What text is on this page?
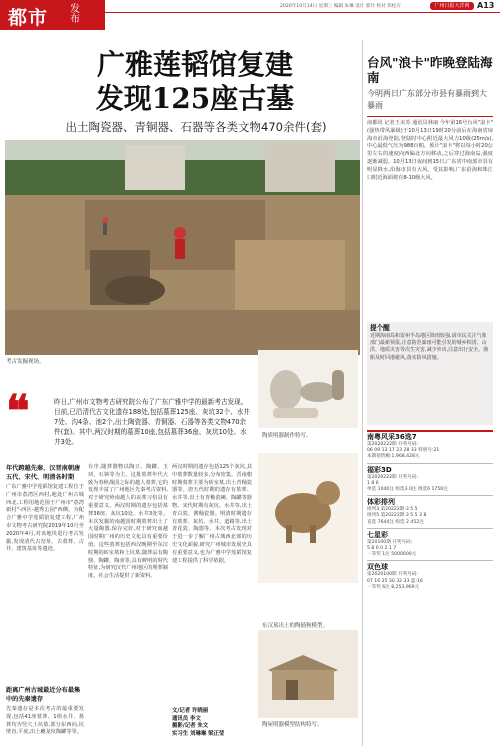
都市 发布
2020年10月14日 星期三 编辑 朱琳 设计 郭玲 校对 伟松卉	广州日报大洋网 A13
广雅莲韬馆复建
发现125座古墓
出土陶瓷器、青铜器、石器等各类文物470余件(套)
考古发掘现场。
❝	昨日,广州市文物考古研究院公布了广东广雅中学的最新考古发现。目前,已沿清代古文化遗存188处,包括墓葬125座、灰坑32个、水井7处、沟4条、池2个,出土陶瓷器、青铜器、石器等各类文物470余件(套)。其中,两汉时期的墓葬10座,包括墓葬36座、灰坑10处、水井3处。
年代跨越先秦、汉晋南朝唐五代、宋代、明清各时期
广东广雅中学莲韬馆复建工程位于广州市荔湾区西村,地处广州古城西北,工程用地范围于广州市"荔湾新村"-西区-越秀公园"西侧。为配合广雅中学莲韬馆复建工程,广州市文物考古研究院2019年10月至2020年4月,对该地块进行考古发掘,发现清代古窑址、古墓葬、古井、建筑基址等遗迹。
距离广州古城最近分布最集中的先秦遗存
先秦遗存是本次考古的最重要发现,包括41座墓葬、1组水井、墓葬均为竖穴土坑墓,部分东西向,坑壁直,平底,出土夔龙纹陶罐等等。
有序,随葬器物以陶豆、陶罐、玉玦、石锛等为主。这批墓葬年代大致为春秋战国之际的越人墓葬,它的发现丰富了广州地区先秦考古资料,对于研究岭南越人的丧葬习俗具有重要意义。两汉时期的遗存包括墓葬36座、灰坑10处、水井3处等。本次发掘的南越国时期墓葬出土了大量陶器,保存完好,对于研究南越国时期广州的历史文化具有重要价值。这些墓葬包括西汉晚期至东汉时期的砖室墓和土坑墓,随葬品有陶鼎、陶罐、陶壶等,具有鲜明的时代特征,为研究汉代广州地区的埋葬制度、社会生活提供了新资料。
两汉时期的遗存包括125个灰坑,其中墓葬数量较多,分布密集。晋南朝时期墓葬主要为砖室墓,出土青釉瓷器等。唐五代时期的遗存有墓葬、水井等,出土有青釉瓷碗、陶罐等器物。宋代时期有灰坑、水井等,出土青白瓷、酱釉瓷器。明清时期遗存有墓葬、灰坑、水井、道路等,出土青花瓷、陶器等。本次考古发现对于进一步了解广州古城西北郊的历史文化面貌,研究广州城市发展史具有重要意义,也为广雅中学莲韬馆复建工程提供了科学依据。
文/记者 许晓丽
通讯员 李文
摄影/记者 朱文
实习生 刘琳琳 梁正莹
陶质明器制作特写。
东汉墓出土的陶俑狗模型。
陶屋明器模型结构特写。
台风"浪卡"昨晚登陆海南
今明两日广东部分市县有暴雨到大暴雨
南都讯 记者王美苏 通讯员林丽 今年第16号台风"浪卡"(强热带风暴级)于10月13日19时20分前后在海南省琼海市沿海登陆,登陆时中心附近最大风力10级(25m/s),中心最低气压为988百帕。预计"浪卡"将以每小时20公里左右的速度向西偏北方向移动,之后穿过海南岛,强度逐渐减弱。10月13日夜间到15日,广东省中南部市县有明显降水,沿海市县有大风。受其影响,广东沿海和珠江口附近海面将有8-10级大风。
提个醒
近期海南岛和雷州半岛地区降雨较强,请市民关注气象部门最新预报,注意防范暴雨可能引发的城乡积涝、山洪、地质灾害等次生灾害,减少外出,注意出行安全。渔船及时回港避风,落实防风措施。
南粤风采36选7
第2020222期 开奖号码:
06 09 13 17 23 28 33 特别号:21
本期销售额:1,968,428元
福彩3D
第2020222期 开奖号码:
1 8 6
单选 1040注 组选3 0注 组选6 1756注
体彩排列
排列3 第20222期:3 5 5
排列5 第20222期:3 5 5 3 8
直选 7644注 组选 2 452注
七星彩
第20100期 开奖号码:
5 8 0 0 2 1 7
一等奖 1注 5000000元
双色球
第2020100期 开奖号码:
07 16 25 30 32 33 蓝:16
一等奖 6注 8,253,969元
